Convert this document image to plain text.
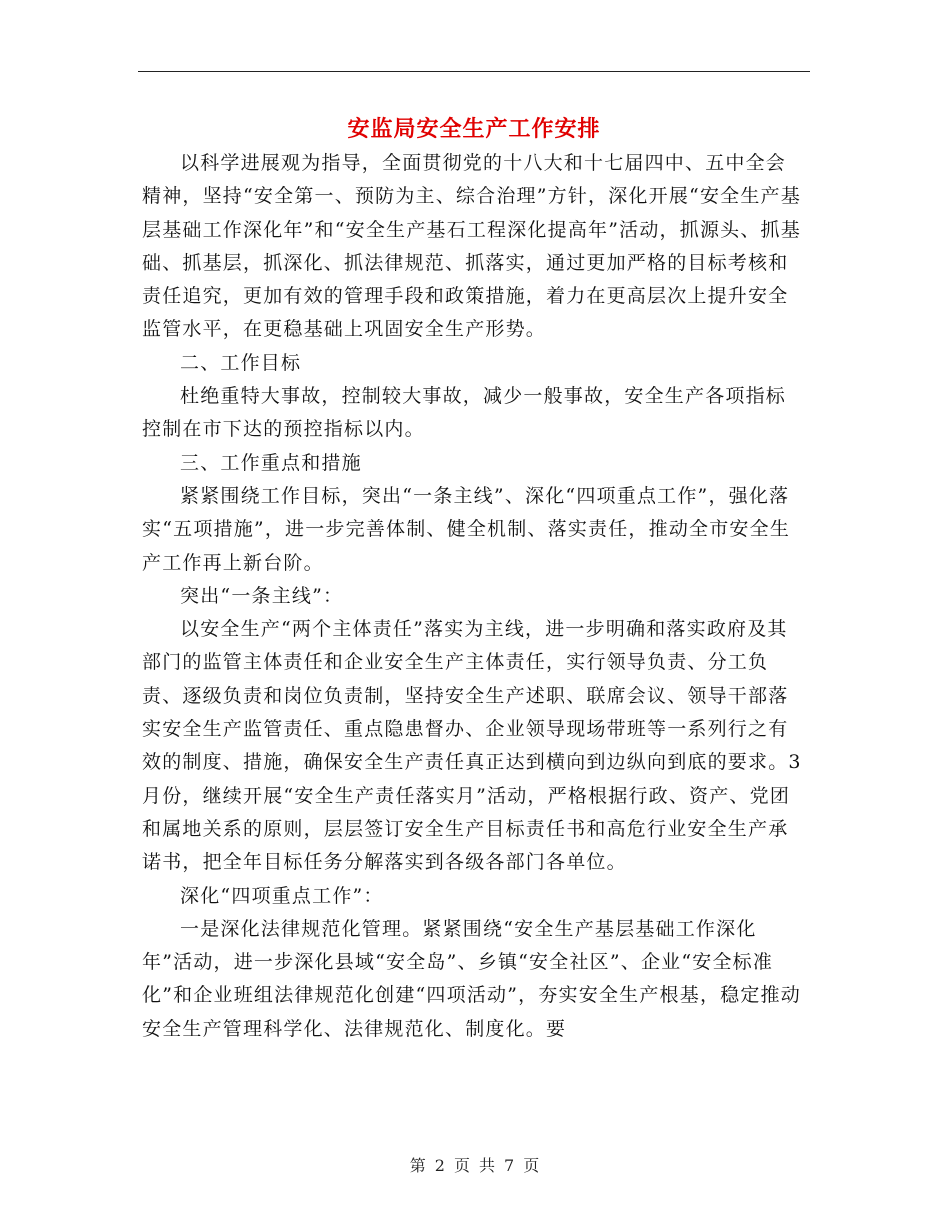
安监局安全生产工作安排

以科学进展观为指导，全面贯彻党的十八大和十七届四中、五中全会精神，坚持“安全第一、预防为主、综合治理”方针，深化开展“安全生产基层基础工作深化年”和“安全生产基石工程深化提高年”活动，抓源头、抓基础、抓基层，抓深化、抓法律规范、抓落实，通过更加严格的目标考核和责任追究，更加有效的管理手段和政策措施，着力在更高层次上提升安全监管水平，在更稳基础上巩固安全生产形势。

二、工作目标

杜绝重特大事故，控制较大事故，减少一般事故，安全生产各项指标控制在市下达的预控指标以内。

三、工作重点和措施

紧紧围绕工作目标，突出“一条主线”、深化“四项重点工作”，强化落实“五项措施”，进一步完善体制、健全机制、落实责任，推动全市安全生产工作再上新台阶。

突出“一条主线”：

以安全生产“两个主体责任”落实为主线，进一步明确和落实政府及其部门的监管主体责任和企业安全生产主体责任，实行领导负责、分工负责、逐级负责和岗位负责制，坚持安全生产述职、联席会议、领导干部落实安全生产监管责任、重点隐患督办、企业领导现场带班等一系列行之有效的制度、措施，确保安全生产责任真正达到横向到边纵向到底的要求。3月份，继续开展“安全生产责任落实月”活动，严格根据行政、资产、党团和属地关系的原则，层层签订安全生产目标责任书和高危行业安全生产承诺书，把全年目标任务分解落实到各级各部门各单位。

深化“四项重点工作”：

一是深化法律规范化管理。紧紧围绕“安全生产基层基础工作深化年”活动，进一步深化县域“安全岛”、乡镇“安全社区”、企业“安全标准化”和企业班组法律规范化创建“四项活动”，夯实安全生产根基，稳定推动安全生产管理科学化、法律规范化、制度化。要

第 2 页 共 7 页
